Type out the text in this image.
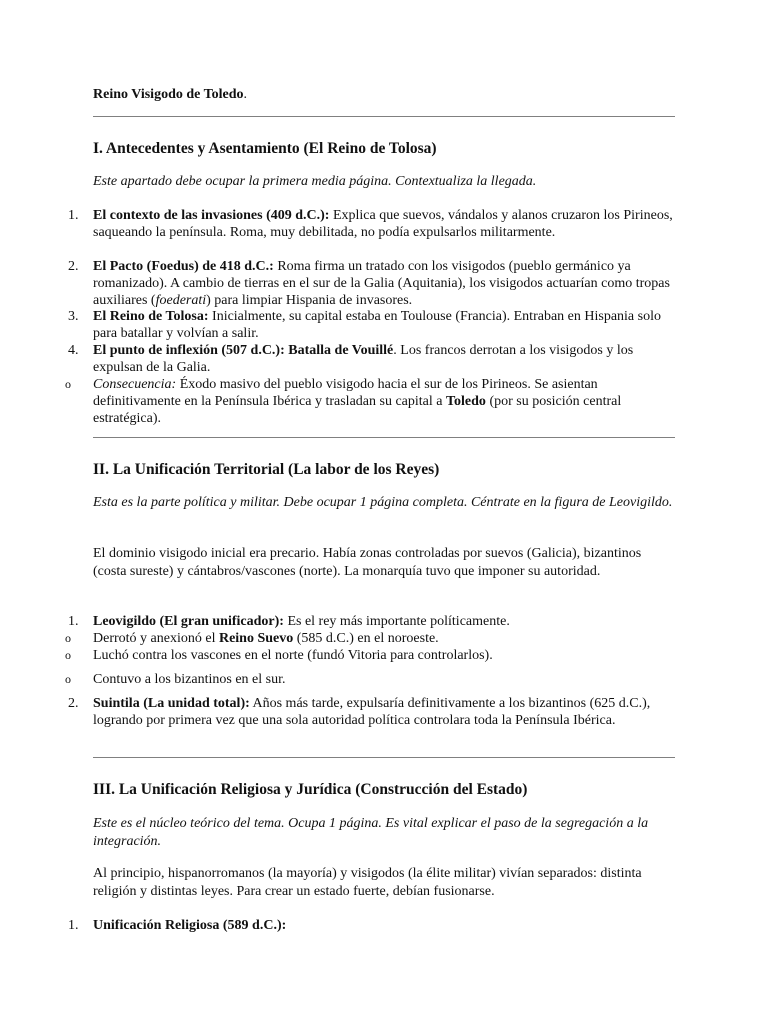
Reino Visigodo de Toledo.
I. Antecedentes y Asentamiento (El Reino de Tolosa)

Este apartado debe ocupar la primera media página. Contextualiza la llegada.

1.	El contexto de las invasiones (409 d.C.): Explica que suevos, vándalos y alanos cruzaron los Pirineos, saqueando la península. Roma, muy debilitada, no podía expulsarlos militarmente.
2.	El Pacto (Foedus) de 418 d.C.: Roma firma un tratado con los visigodos (pueblo germánico ya romanizado). A cambio de tierras en el sur de la Galia (Aquitania), los visigodos actuarían como tropas auxiliares (foederati) para limpiar Hispania de invasores.
3.	El Reino de Tolosa: Inicialmente, su capital estaba en Toulouse (Francia). Entraban en Hispania solo para batallar y volvían a salir.
4.	El punto de inflexión (507 d.C.): Batalla de Vouillé. Los francos derrotan a los visigodos y los expulsan de la Galia.
o	Consecuencia: Éxodo masivo del pueblo visigodo hacia el sur de los Pirineos. Se asientan definitivamente en la Península Ibérica y trasladan su capital a Toledo (por su posición central estratégica).
II. La Unificación Territorial (La labor de los Reyes)

Esta es la parte política y militar. Debe ocupar 1 página completa. Céntrate en la figura de Leovigildo.

El dominio visigodo inicial era precario. Había zonas controladas por suevos (Galicia), bizantinos (costa sureste) y cántabros/vascones (norte). La monarquía tuvo que imponer su autoridad.

1.	Leovigildo (El gran unificador): Es el rey más importante políticamente.
o	Derrotó y anexionó el Reino Suevo (585 d.C.) en el noroeste.
o	Luchó contra los vascones en el norte (fundó Vitoria para controlarlos).
o	Contuvo a los bizantinos en el sur.
2.	Suintila (La unidad total): Años más tarde, expulsaría definitivamente a los bizantinos (625 d.C.), logrando por primera vez que una sola autoridad política controlara toda la Península Ibérica.
III. La Unificación Religiosa y Jurídica (Construcción del Estado)

Este es el núcleo teórico del tema. Ocupa 1 página. Es vital explicar el paso de la segregación a la integración.

Al principio, hispanorromanos (la mayoría) y visigodos (la élite militar) vivían separados: distinta religión y distintas leyes. Para crear un estado fuerte, debían fusionarse.

1.	Unificación Religiosa (589 d.C.):
